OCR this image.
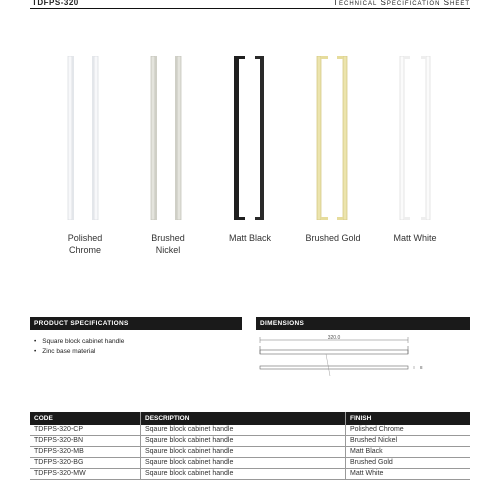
TDFPS-320	Technical Specification Sheet
Polished
Chrome
Brushed
Nickel
Matt Black	Brushed Gold	Matt White
PRODUCT SPECIFICATIONS
• Square block cabinet handle
• Zinc base material
DIMENSIONS
320.0
8
CODE	DESCRIPTION	FINISH
TDFPS-320-CP	Sqaure block cabinet handle	Polished Chrome
TDFPS-320-BN	Sqaure block cabinet handle	Brushed Nickel
TDFPS-320-MB	Sqaure block cabinet handle	Matt Black
TDFPS-320-BG	Sqaure block cabinet handle	Brushed Gold
TDFPS-320-MW	Sqaure block cabinet handle	Matt White
